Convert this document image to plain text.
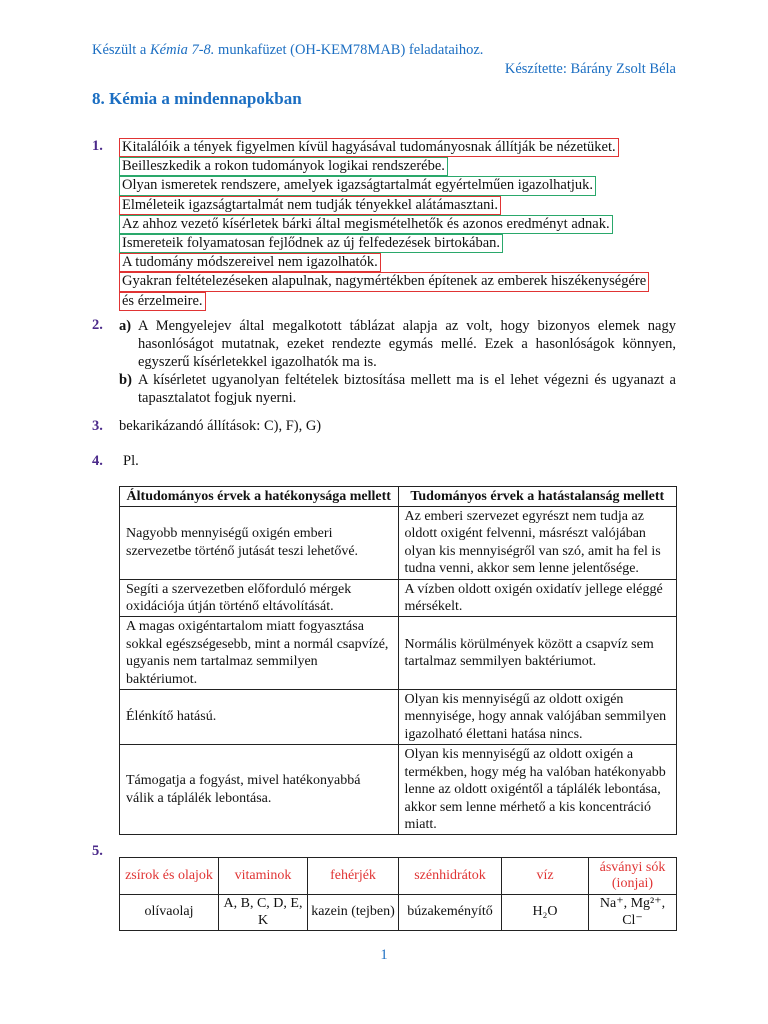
Készült a Kémia 7-8. munkafüzet (OH-KEM78MAB) feladataihoz.
Készítette: Bárány Zsolt Béla
8. Kémia a mindennapokban
1. Kitalálóik a tények figyelmen kívül hagyásával tudományosnak állítják be nézetüket.
Beilleszkedik a rokon tudományok logikai rendszerébe.
Olyan ismeretek rendszere, amelyek igazságtartalmát egyértelműen igazolhatjuk.
Elméleteik igazságtartalmát nem tudják tényekkel alátámasztani.
Az ahhoz vezető kísérletek bárki által megismételhetők és azonos eredményt adnak.
Ismereteik folyamatosan fejlődnek az új felfedezések birtokában.
A tudomány módszereivel nem igazolhatók.
Gyakran feltételezéseken alapulnak, nagymértékben építenek az emberek hiszékenységére
és érzelmeire.
2. a) A Mengyelejev által megalkotott táblázat alapja az volt, hogy bizonyos elemek nagy hasonlóságot mutatnak, ezeket rendezte egymás mellé. Ezek a hasonlóságok könnyen, egyszerű kísérletekkel igazolhatók ma is.
b) A kísérletet ugyanolyan feltételek biztosítása mellett ma is el lehet végezni és ugyanazt a tapasztalatot fogjuk nyerni.
3. bekarikázandó állítások: C), F), G)
4. Pl.
Áltudományos érvek a hatékonysága mellett	Tudományos érvek a hatástalanság mellett
Nagyobb mennyiségű oxigén emberi szervezetbe történő jutását teszi lehetővé.	Az emberi szervezet egyrészt nem tudja az oldott oxigént felvenni, másrészt valójában olyan kis mennyiségről van szó, amit ha fel is tudna venni, akkor sem lenne jelentősége.
Segíti a szervezetben előforduló mérgek oxidációja útján történő eltávolítását.	A vízben oldott oxigén oxidatív jellege eléggé mérsékelt.
A magas oxigéntartalom miatt fogyasztása sokkal egészségesebb, mint a normál csapvízé, ugyanis nem tartalmaz semmilyen baktériumot.	Normális körülmények között a csapvíz sem tartalmaz semmilyen baktériumot.
Élénkítő hatású.	Olyan kis mennyiségű az oldott oxigén mennyisége, hogy annak valójában semmilyen igazolható élettani hatása nincs.
Támogatja a fogyást, mivel hatékonyabbá válik a táplálék lebontása.	Olyan kis mennyiségű az oldott oxigén a termékben, hogy még ha valóban hatékonyabb lenne az oldott oxigéntől a táplálék lebontása, akkor sem lenne mérhető a kis koncentráció miatt.
5.
zsírok és olajok	vitaminok	fehérjék	szénhidrátok	víz	ásványi sók (ionjai)
olívaolaj	A, B, C, D, E, K	kazein (tejben)	búzakeményítő	H₂O	Na⁺, Mg²⁺, Cl⁻
1
